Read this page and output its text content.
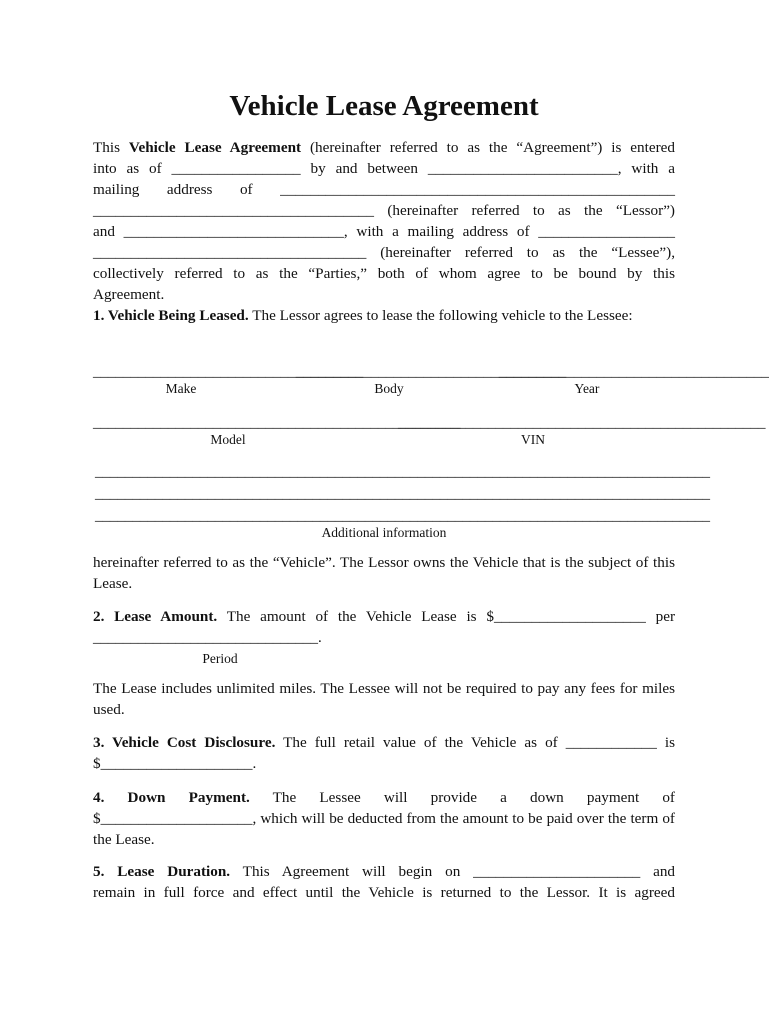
Vehicle Lease Agreement
This Vehicle Lease Agreement (hereinafter referred to as the “Agreement”) is entered
into as of _________________ by and between _________________________, with a
mailing address of ____________________________________________________
_____________________________________ (hereinafter referred to as the “Lessor”)
and _____________________________, with a mailing address of __________________
____________________________________ (hereinafter referred to as the “Lessee”),
collectively referred to as the “Parties,” both of whom agree to be bound by this
Agreement.
1. Vehicle Being Leased. The Lessor agrees to lease the following vehicle to the Lessee:
____________________________________
____________________________________
____________________________________
Make	Body	Year
_________________________________________________
_________________________________________________
Model	VIN
__________________________________________________________________________________
__________________________________________________________________________________
__________________________________________________________________________________
Additional information
hereinafter referred to as the “Vehicle”. The Lessor owns the Vehicle that is the subject of this Lease.
2. Lease Amount. The amount of the Vehicle Lease is $____________________ per
______________________________.
Period
The Lease includes unlimited miles. The Lessee will not be required to pay any fees for miles used.
3. Vehicle Cost Disclosure. The full retail value of the Vehicle as of ____________ is
$____________________.
4. Down Payment. The Lessee will provide a down payment of
$____________________, which will be deducted from the amount to be paid over the term of the Lease.
5. Lease Duration. This Agreement will begin on ______________________ and
remain in full force and effect until the Vehicle is returned to the Lessor. It is agreed
